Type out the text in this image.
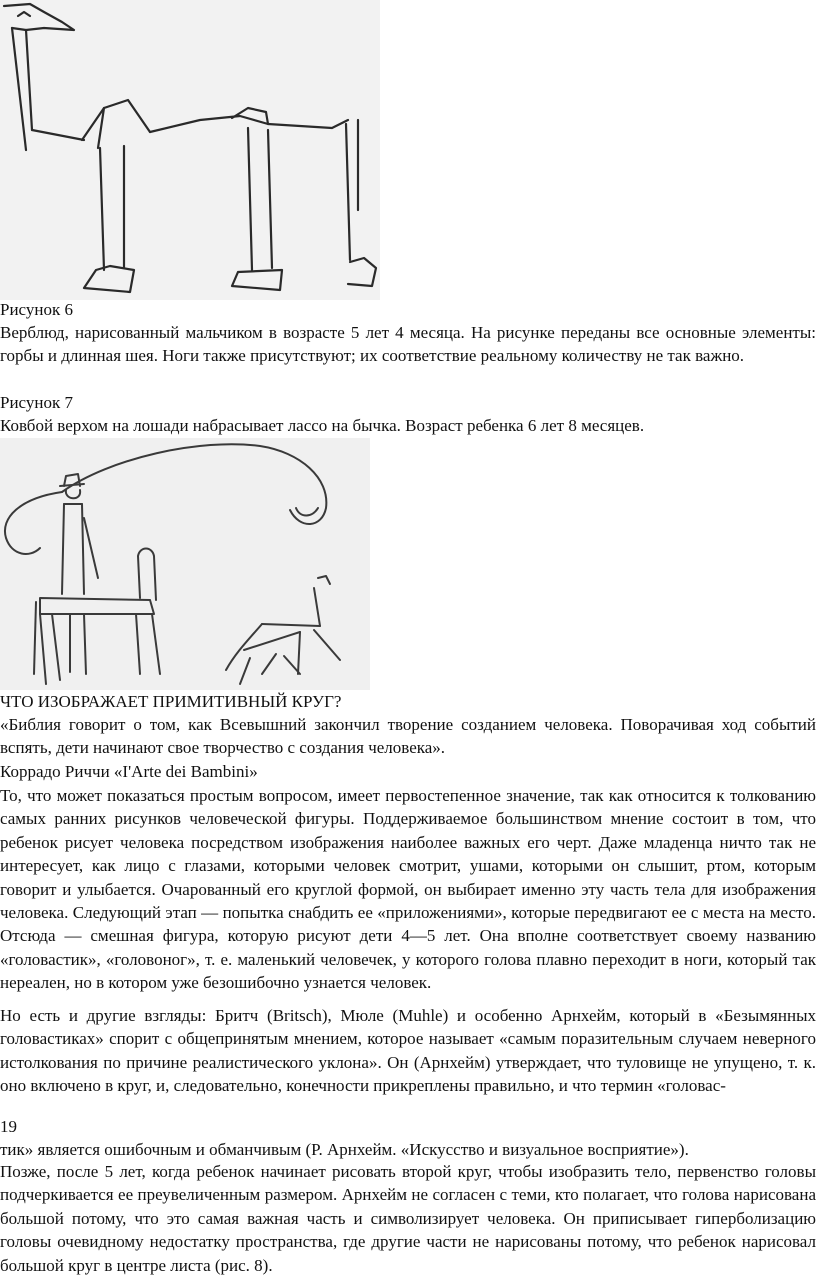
Рисунок 6
Верблюд, нарисованный мальчиком в возрасте 5 лет 4 месяца. На рисунке переданы все основные элементы: горбы и длинная шея. Ноги также присутствуют; их соответствие реальному количеству не так важно.
Рисунок 7
Ковбой верхом на лошади набрасывает лассо на бычка. Возраст ребенка 6 лет 8 месяцев.
ЧТО ИЗОБРАЖАЕТ ПРИМИТИВНЫЙ КРУГ?
«Библия говорит о том, как Всевышний закончил творение созданием человека. Поворачивая ход событий вспять, дети начинают свое творчество с создания человека».
Коррадо Риччи «I'Arte dei Bambini»
То, что может показаться простым вопросом, имеет первостепенное значение, так как относится к толкованию самых ранних рисунков человеческой фигуры. Поддерживаемое большинством мнение состоит в том, что ребенок рисует человека посредством изображения наиболее важных его черт. Даже младенца ничто так не интересует, как лицо с глазами, которыми человек смотрит, ушами, которыми он слышит, ртом, которым говорит и улыбается. Очарованный его круглой формой, он выбирает именно эту часть тела для изображения человека. Следующий этап — попытка снабдить ее «приложениями», которые передвигают ее с места на место. Отсюда — смешная фигура, которую рисуют дети 4—5 лет. Она вполне соответствует своему названию «головастик», «головоног», т. е. маленький человечек, у которого голова плавно переходит в ноги, который так нереален, но в котором уже безошибочно узнается человек.
Но есть и другие взгляды: Бритч (Britsch), Мюле (Muhle) и особенно Арнхейм, который в «Безымянных головастиках» спорит с общепринятым мнением, которое называет «самым поразительным случаем неверного истолкования по причине реалистического уклона». Он (Арнхейм) утверждает, что туловище не упущено, т. к. оно включено в круг, и, следовательно, конечности прикреплены правильно, и что термин «головас-
19
тик» является ошибочным и обманчивым (Р. Арнхейм. «Искусство и визуальное восприятие»).
Позже, после 5 лет, когда ребенок начинает рисовать второй круг, чтобы изобразить тело, первенство головы подчеркивается ее преувеличенным размером. Арнхейм не согласен с теми, кто полагает, что голова нарисована большой потому, что это самая важная часть и символизирует человека. Он приписывает гиперболизацию головы очевидному недостатку пространства, где другие части не нарисованы потому, что ребенок нарисовал большой круг в центре листа (рис. 8).
